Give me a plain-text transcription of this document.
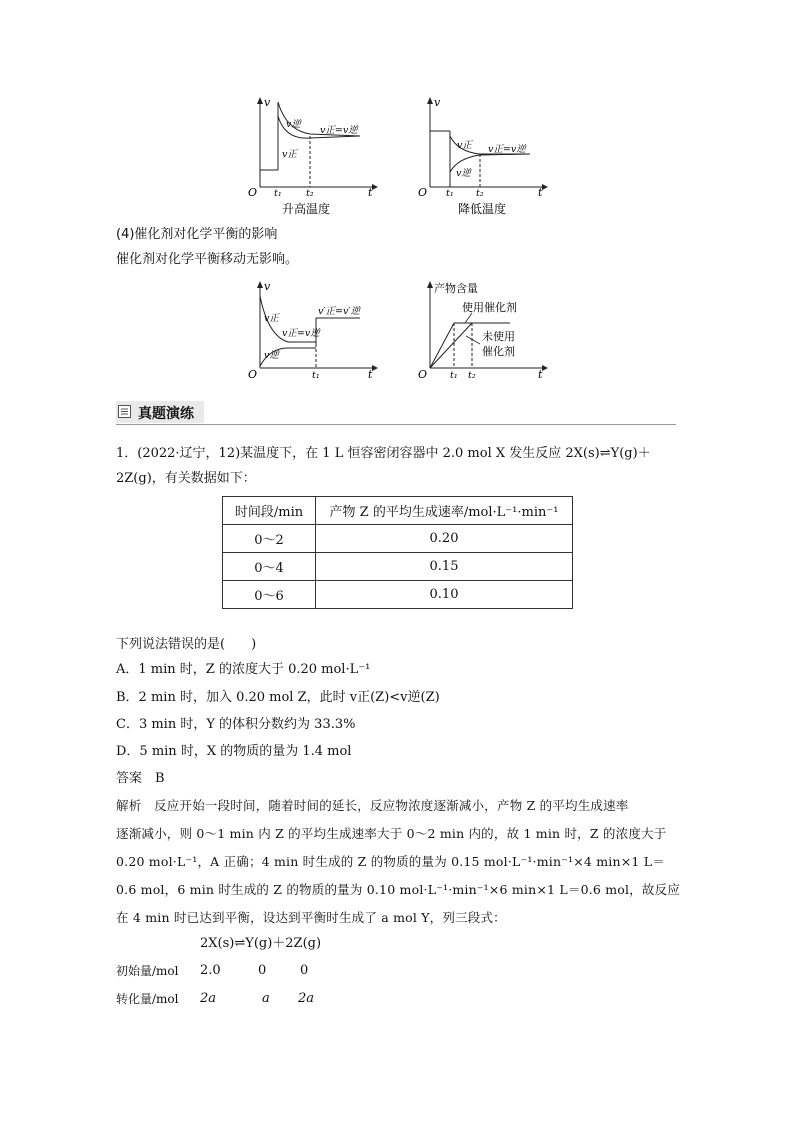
O
v
t
v逆
v正
v正=v逆
t₁	t₂
升高温度
O
v
t
v正
v逆
v正=v逆
t₁ t₂
降低温度
(4)催化剂对化学平衡的影响
催化剂对化学平衡移动无影响。
O
v
t
v正
v逆
v正=v逆
v′正=v′逆
t₁	O	t
产物含量
使用催化剂
未使用
催化剂
t₁ t₂
真题演练
1．(2022·辽宁，12)某温度下，在 1 L 恒容密闭容器中 2.0 mol X 发生反应 2X(s)⇌Y(g)＋
2Z(g)，有关数据如下：
时间段/min	产物 Z 的平均生成速率/mol·L⁻¹·min⁻¹
0～2	0.20
0～4	0.15
0～6	0.10
下列说法错误的是(　　)
A．1 min 时，Z 的浓度大于 0.20 mol·L⁻¹
B．2 min 时，加入 0.20 mol Z，此时 v正(Z)<v逆(Z)
C．3 min 时，Y 的体积分数约为 33.3%
D．5 min 时，X 的物质的量为 1.4 mol
答案　B
解析　反应开始一段时间，随着时间的延长，反应物浓度逐渐减小，产物 Z 的平均生成速率
逐渐减小，则 0～1 min 内 Z 的平均生成速率大于 0～2 min 内的，故 1 min 时，Z 的浓度大于
0.20 mol·L⁻¹，A 正确；4 min 时生成的 Z 的物质的量为 0.15 mol·L⁻¹·min⁻¹×4 min×1 L＝
0.6 mol，6 min 时生成的 Z 的物质的量为 0.10 mol·L⁻¹·min⁻¹×6 min×1 L＝0.6 mol，故反应
在 4 min 时已达到平衡，设达到平衡时生成了 a mol Y，列三段式：
2X(s)⇌Y(g)＋2Z(g)
初始量/mol 2.0	0	0
转化量/mol 2a	a 2a
